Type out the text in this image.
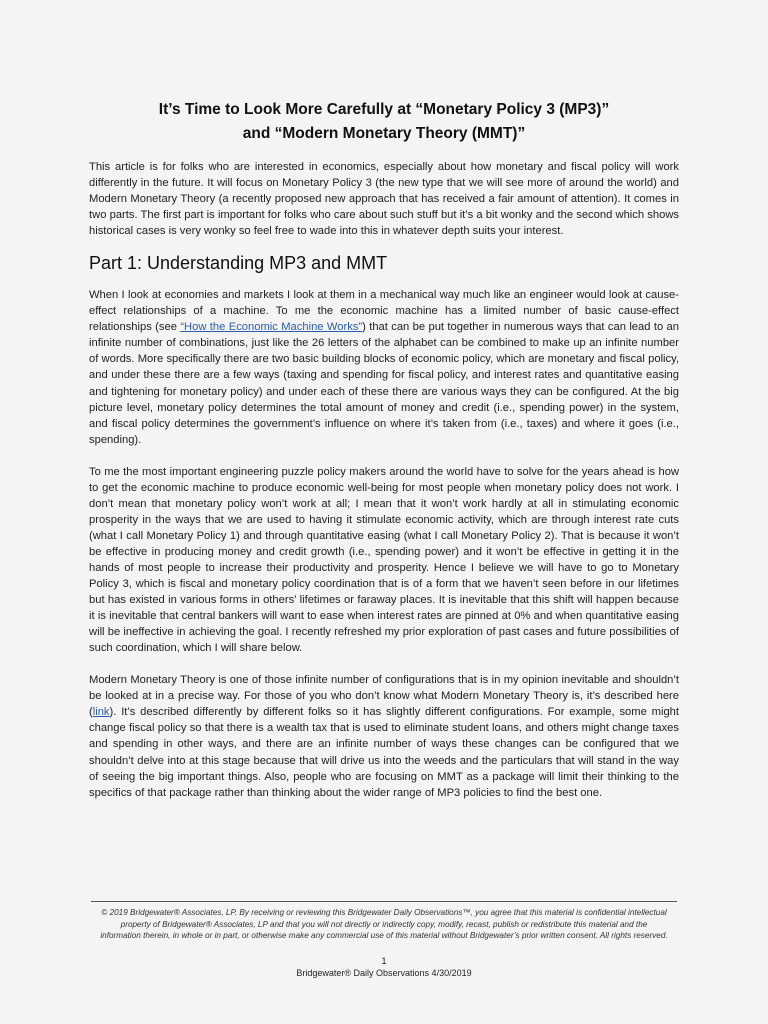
It’s Time to Look More Carefully at “Monetary Policy 3 (MP3)”
and “Modern Monetary Theory (MMT)”

This article is for folks who are interested in economics, especially about how monetary and fiscal policy will work differently in the future. It will focus on Monetary Policy 3 (the new type that we will see more of around the world) and Modern Monetary Theory (a recently proposed new approach that has received a fair amount of attention). It comes in two parts. The first part is important for folks who care about such stuff but it’s a bit wonky and the second which shows historical cases is very wonky so feel free to wade into this in whatever depth suits your interest.

Part 1: Understanding MP3 and MMT

When I look at economies and markets I look at them in a mechanical way much like an engineer would look at cause-effect relationships of a machine. To me the economic machine has a limited number of basic cause-effect relationships (see “How the Economic Machine Works”) that can be put together in numerous ways that can lead to an infinite number of combinations, just like the 26 letters of the alphabet can be combined to make up an infinite number of words. More specifically there are two basic building blocks of economic policy, which are monetary and fiscal policy, and under these there are a few ways (taxing and spending for fiscal policy, and interest rates and quantitative easing and tightening for monetary policy) and under each of these there are various ways they can be configured. At the big picture level, monetary policy determines the total amount of money and credit (i.e., spending power) in the system, and fiscal policy determines the government’s influence on where it’s taken from (i.e., taxes) and where it goes (i.e., spending).

To me the most important engineering puzzle policy makers around the world have to solve for the years ahead is how to get the economic machine to produce economic well-being for most people when monetary policy does not work. I don’t mean that monetary policy won’t work at all; I mean that it won’t work hardly at all in stimulating economic prosperity in the ways that we are used to having it stimulate economic activity, which are through interest rate cuts (what I call Monetary Policy 1) and through quantitative easing (what I call Monetary Policy 2). That is because it won’t be effective in producing money and credit growth (i.e., spending power) and it won’t be effective in getting it in the hands of most people to increase their productivity and prosperity. Hence I believe we will have to go to Monetary Policy 3, which is fiscal and monetary policy coordination that is of a form that we haven’t seen before in our lifetimes but has existed in various forms in others’ lifetimes or faraway places. It is inevitable that this shift will happen because it is inevitable that central bankers will want to ease when interest rates are pinned at 0% and when quantitative easing will be ineffective in achieving the goal. I recently refreshed my prior exploration of past cases and future possibilities of such coordination, which I will share below.

Modern Monetary Theory is one of those infinite number of configurations that is in my opinion inevitable and shouldn’t be looked at in a precise way. For those of you who don’t know what Modern Monetary Theory is, it’s described here (link). It’s described differently by different folks so it has slightly different configurations. For example, some might change fiscal policy so that there is a wealth tax that is used to eliminate student loans, and others might change taxes and spending in other ways, and there are an infinite number of ways these changes can be configured that we shouldn’t delve into at this stage because that will drive us into the weeds and the particulars that will stand in the way of seeing the big important things. Also, people who are focusing on MMT as a package will limit their thinking to the specifics of that package rather than thinking about the wider range of MP3 policies to find the best one.

© 2019 Bridgewater® Associates, LP. By receiving or reviewing this Bridgewater Daily Observations™, you agree that this material is confidential intellectual property of Bridgewater® Associates, LP and that you will not directly or indirectly copy, modify, recast, publish or redistribute this material and the information therein, in whole or in part, or otherwise make any commercial use of this material without Bridgewater’s prior written consent. All rights reserved.

1
Bridgewater® Daily Observations 4/30/2019
